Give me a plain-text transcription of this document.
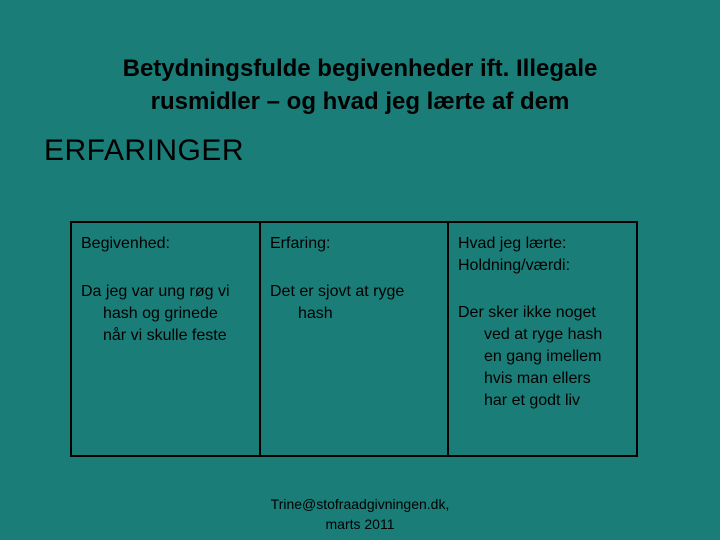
Betydningsfulde begivenheder ift. Illegale
rusmidler – og hvad jeg lærte af dem
ERFARINGER
Begivenhed:
Da jeg var ung røg vi
hash og grinede
når vi skulle feste
Erfaring:
Det er sjovt at ryge
hash
Hvad jeg lærte: Holdning/værdi:
Der sker ikke noget
ved at ryge hash
en gang imellem
hvis man ellers
har et godt liv
Trine@stofraadgivningen.dk,
marts 2011
